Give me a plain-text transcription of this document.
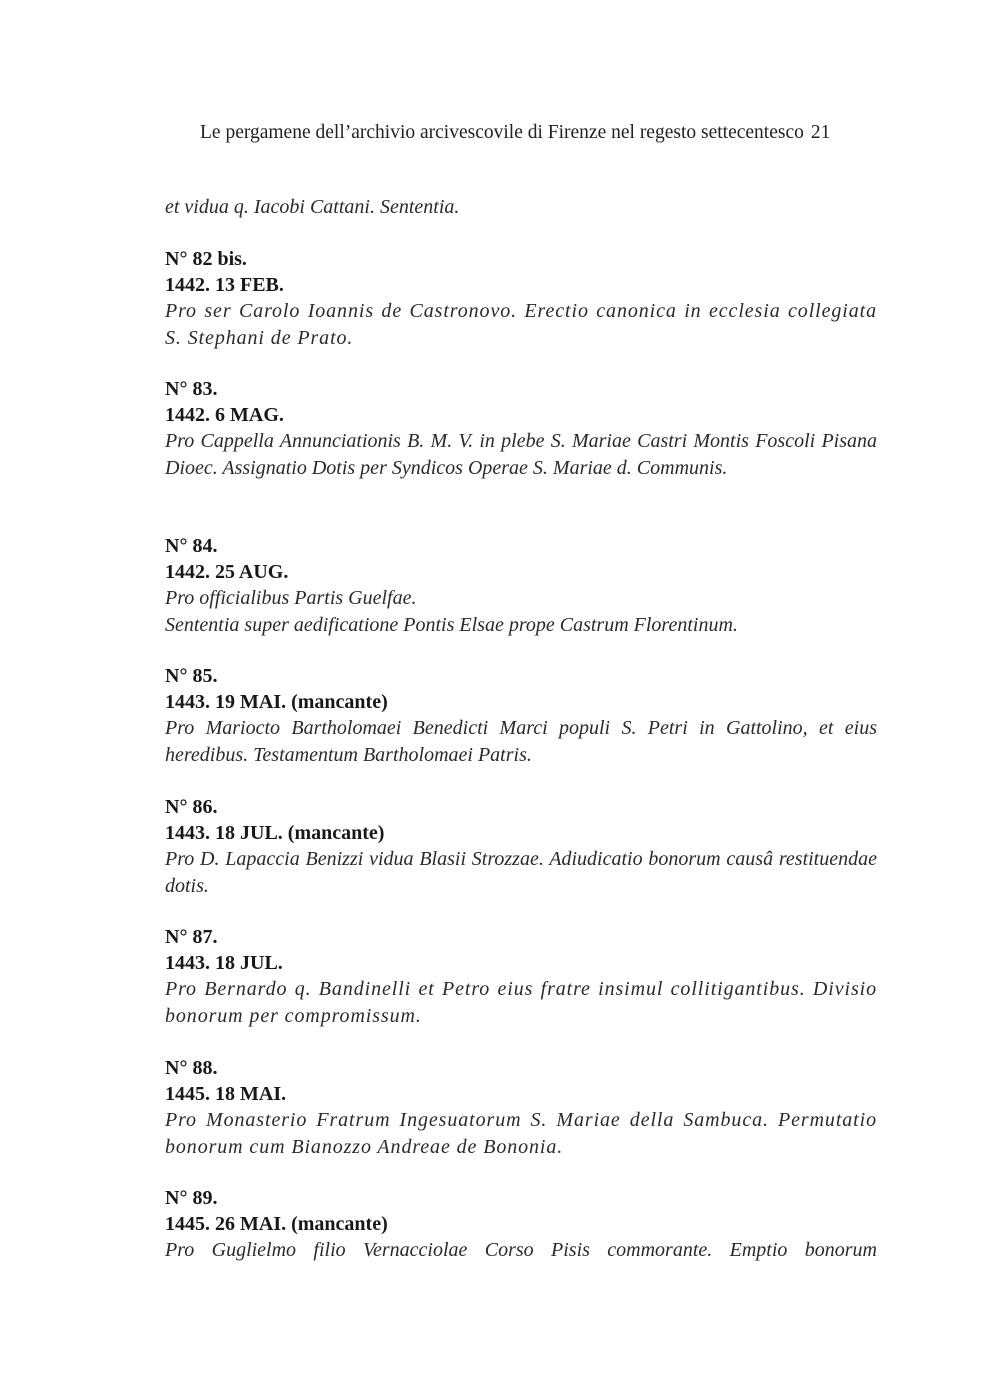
Le pergamene dell’archivio arcivescovile di Firenze nel regesto settecentesco 21
et vidua q. Iacobi Cattani. Sententia.
N° 82 bis.
1442. 13 FEB.
Pro ser Carolo Ioannis de Castronovo. Erectio canonica in ecclesia collegiata S. Stephani de Prato.
N° 83.
1442. 6 MAG.
Pro Cappella Annunciationis B. M. V. in plebe S. Mariae Castri Montis Foscoli Pisana Dioec. Assignatio Dotis per Syndicos Operae S. Mariae d. Communis.
N° 84.
1442. 25 AUG.
Pro officialibus Partis Guelfae.
Sententia super aedificatione Pontis Elsae prope Castrum Florentinum.
N° 85.
1443. 19 MAI. (mancante)
Pro Mariocto Bartholomaei Benedicti Marci populi S. Petri in Gattolino, et eius heredibus. Testamentum Bartholomaei Patris.
N° 86.
1443. 18 JUL. (mancante)
Pro D. Lapaccia Benizzi vidua Blasii Strozzae. Adiudicatio bonorum causâ restituendae dotis.
N° 87.
1443. 18 JUL.
Pro Bernardo q. Bandinelli et Petro eius fratre insimul collitigantibus. Divisio bonorum per compromissum.
N° 88.
1445. 18 MAI.
Pro Monasterio Fratrum Ingesuatorum S. Mariae della Sambuca. Permutatio bonorum cum Bianozzo Andreae de Bononia.
N° 89.
1445. 26 MAI. (mancante)
Pro Guglielmo filio Vernacciolae Corso Pisis commorante. Emptio bonorum
